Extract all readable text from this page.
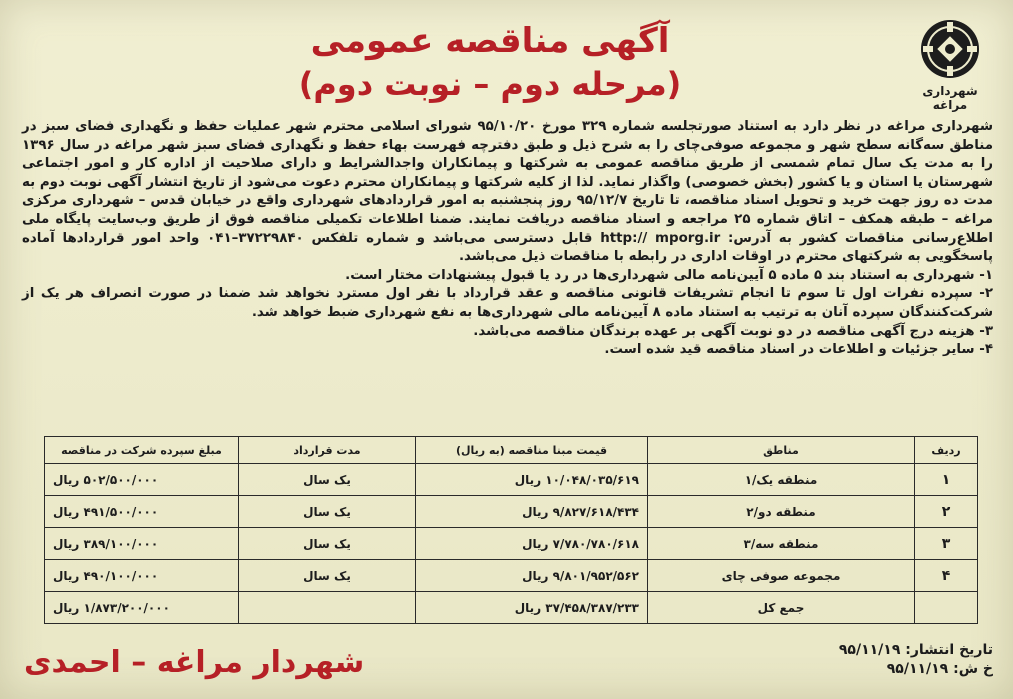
شهرداری مراغه
آگهی مناقصه عمومی
(مرحله دوم – نوبت دوم)

شهرداری مراغه در نظر دارد به استناد صورتجلسه شماره ۳۲۹ مورخ ۹۵/۱۰/۲۰ شورای اسلامی محترم شهر عملیات حفظ و نگهداری فضای سبز در مناطق سه‌گانه سطح شهر و مجموعه صوفی‌چای را به شرح ذیل و طبق دفترچه فهرست بهاء حفظ و نگهداری فضای سبز شهر مراغه در سال ۱۳۹۶ را به مدت یک سال تمام شمسی از طریق مناقصه عمومی به شرکتها و پیمانکاران واجدالشرایط و دارای صلاحیت از اداره کار و امور اجتماعی شهرستان یا استان و یا کشور (بخش خصوصی) واگذار نماید. لذا از کلیه شرکتها و پیمانکاران محترم دعوت می‌شود از تاریخ انتشار آگهی نوبت دوم به مدت ده روز جهت خرید و تحویل اسناد مناقصه، تا تاریخ ۹۵/۱۲/۷ روز پنجشنبه به امور قراردادهای شهرداری واقع در خیابان قدس – شهرداری مرکزی مراغه – طبقه همکف – اتاق شماره ۲۵ مراجعه و اسناد مناقصه دریافت نمایند. ضمنا اطلاعات تکمیلی مناقصه فوق از طریق وب‌سایت پایگاه ملی اطلاع‌رسانی مناقصات کشور به آدرس: http:// mporg.ir قابل دسترسی می‌باشد و شماره تلفکس ۳۷۲۲۹۸۴۰–۰۴۱ واحد امور قراردادها آماده پاسخگویی به شرکتهای محترم در اوقات اداری در رابطه با مناقصات ذیل می‌باشد.

۱- شهرداری به استناد بند ۵ ماده ۵ آیین‌نامه مالی شهرداری‌ها در رد یا قبول پیشنهادات مختار است.

۲- سپرده نفرات اول تا سوم تا انجام تشریفات قانونی مناقصه و عقد قرارداد با نفر اول مسترد نخواهد شد ضمنا در صورت انصراف هر یک از شرکت‌کنندگان سپرده آنان به ترتیب به استناد ماده ۸ آیین‌نامه مالی شهرداری‌ها به نفع شهرداری ضبط خواهد شد.

۳- هزینه درج آگهی مناقصه در دو نوبت آگهی بر عهده برندگان مناقصه می‌باشد.

۴- سایر جزئیات و اطلاعات در اسناد مناقصه قید شده است.

ردیف	مناطق	قیمت مبنا مناقصه (به ریال)	مدت قرارداد	مبلغ سپرده شرکت در مناقصه
۱	منطقه یک/۱	۱۰/۰۴۸/۰۳۵/۶۱۹ ریال	یک سال	۵۰۲/۵۰۰/۰۰۰ ریال
۲	منطقه دو/۲	۹/۸۲۷/۶۱۸/۴۳۴ ریال	یک سال	۴۹۱/۵۰۰/۰۰۰ ریال
۳	منطقه سه/۳	۷/۷۸۰/۷۸۰/۶۱۸ ریال	یک سال	۳۸۹/۱۰۰/۰۰۰ ریال
۴	مجموعه صوفی چای	۹/۸۰۱/۹۵۲/۵۶۲ ریال	یک سال	۴۹۰/۱۰۰/۰۰۰ ریال
	جمع کل	۳۷/۴۵۸/۳۸۷/۲۳۳ ریال		۱/۸۷۳/۲۰۰/۰۰۰ ریال
تاریخ انتشار: ۹۵/۱۱/۱۹
خ ش: ۹۵/۱۱/۱۹
شهردار مراغه – احمدی
